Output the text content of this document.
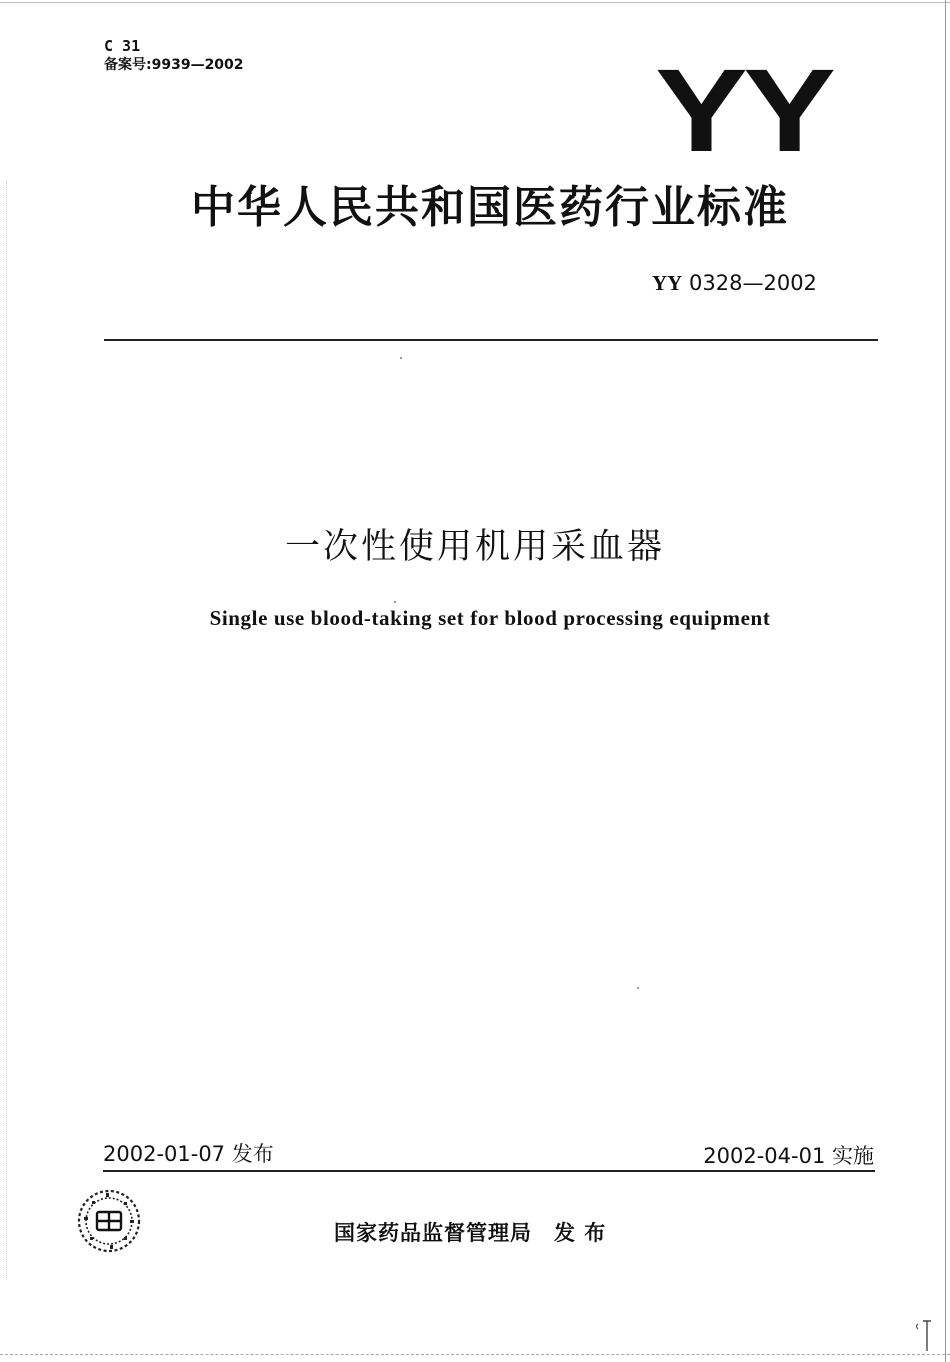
C 31
备案号:9939—2002	YY
中华人民共和国医药行业标准
YY 0328—2002
一次性使用机用采血器
Single use blood-taking set for blood processing equipment
2002-01-07 发布	2002-04-01 实施
国家药品监督管理局 发 布
